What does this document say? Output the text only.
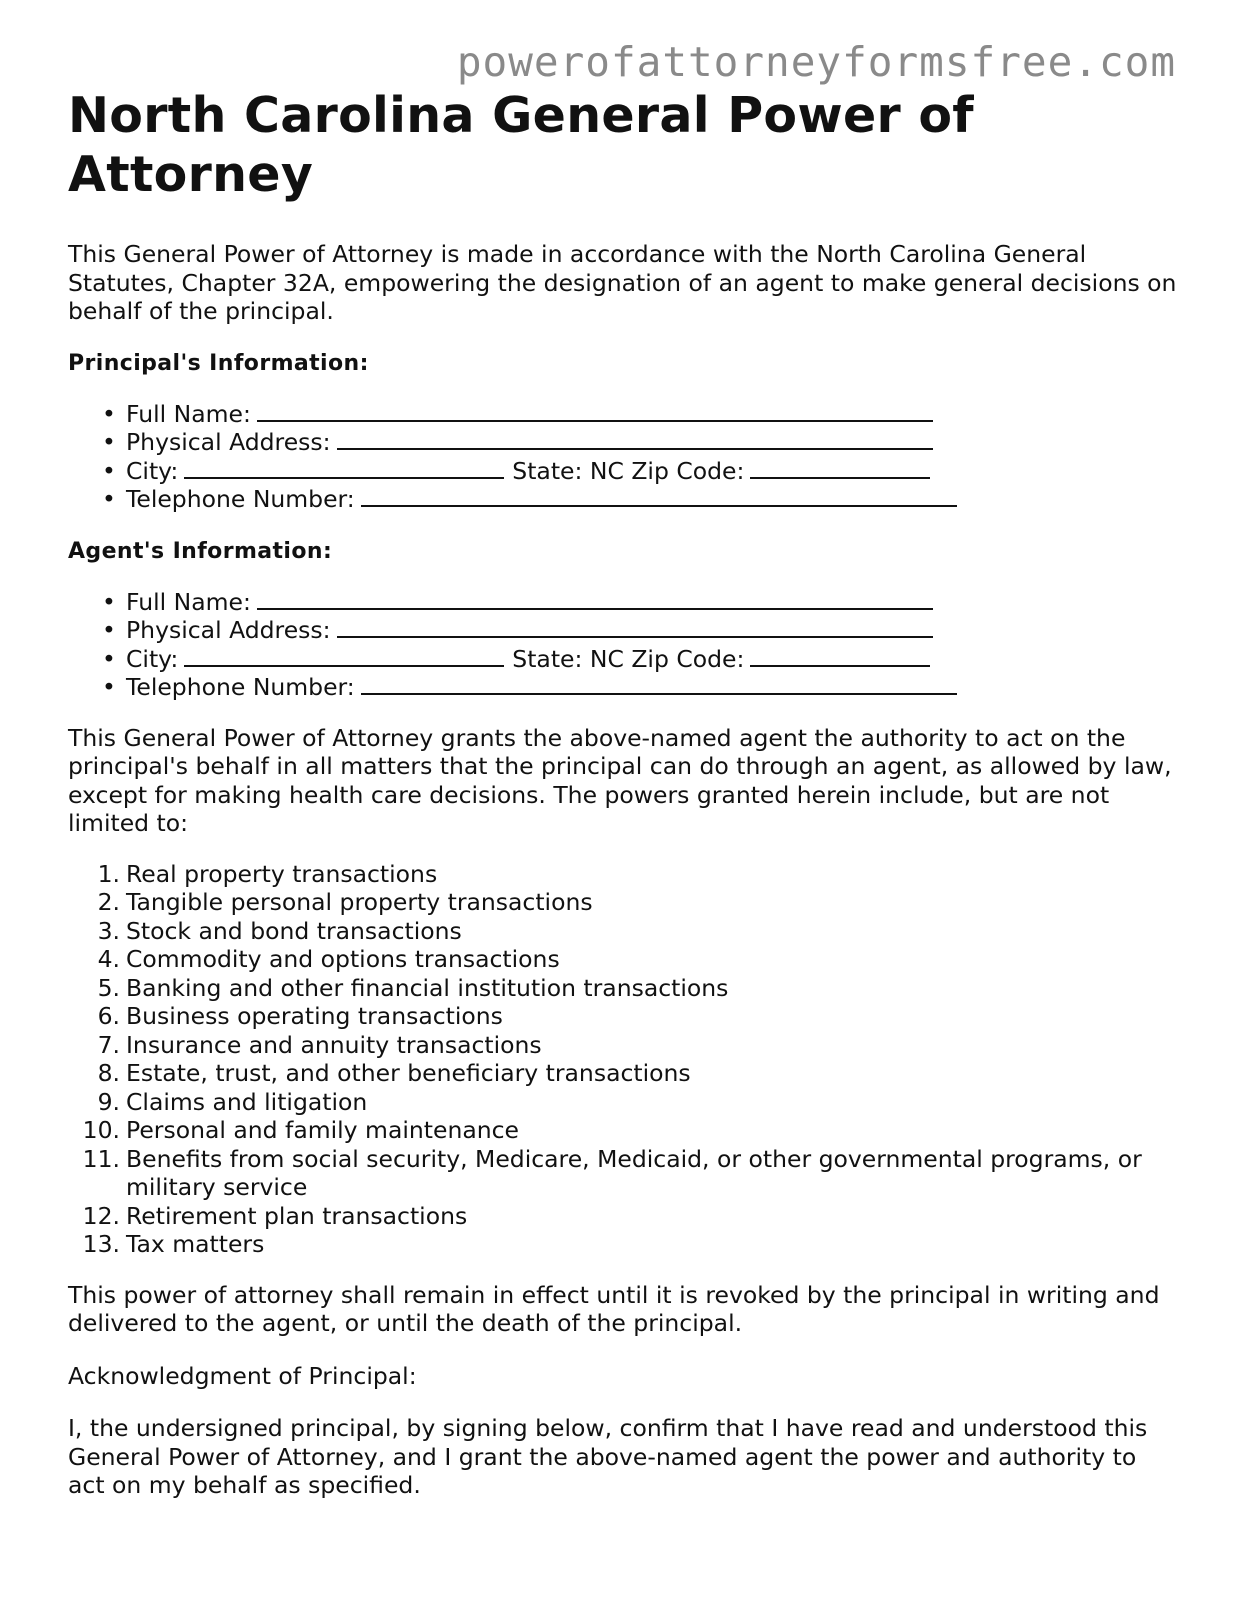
powerofattorneyformsfree.com
North Carolina General Power of Attorney

This General Power of Attorney is made in accordance with the North Carolina General Statutes, Chapter 32A, empowering the designation of an agent to make general decisions on behalf of the principal.

Principal's Information:

• Full Name:
• Physical Address:
• City:	State: NC Zip Code:
• Telephone Number:

Agent's Information:

• Full Name:
• Physical Address:
• City:	State: NC Zip Code:
• Telephone Number:

This General Power of Attorney grants the above-named agent the authority to act on the principal's behalf in all matters that the principal can do through an agent, as allowed by law, except for making health care decisions. The powers granted herein include, but are not limited to:

1. Real property transactions
2. Tangible personal property transactions
3. Stock and bond transactions
4. Commodity and options transactions
5. Banking and other financial institution transactions
6. Business operating transactions
7. Insurance and annuity transactions
8. Estate, trust, and other beneficiary transactions
9. Claims and litigation
10. Personal and family maintenance
11. Benefits from social security, Medicare, Medicaid, or other governmental programs, or military service
12. Retirement plan transactions
13. Tax matters

This power of attorney shall remain in effect until it is revoked by the principal in writing and delivered to the agent, or until the death of the principal.

Acknowledgment of Principal:

I, the undersigned principal, by signing below, confirm that I have read and understood this General Power of Attorney, and I grant the above-named agent the power and authority to act on my behalf as specified.
